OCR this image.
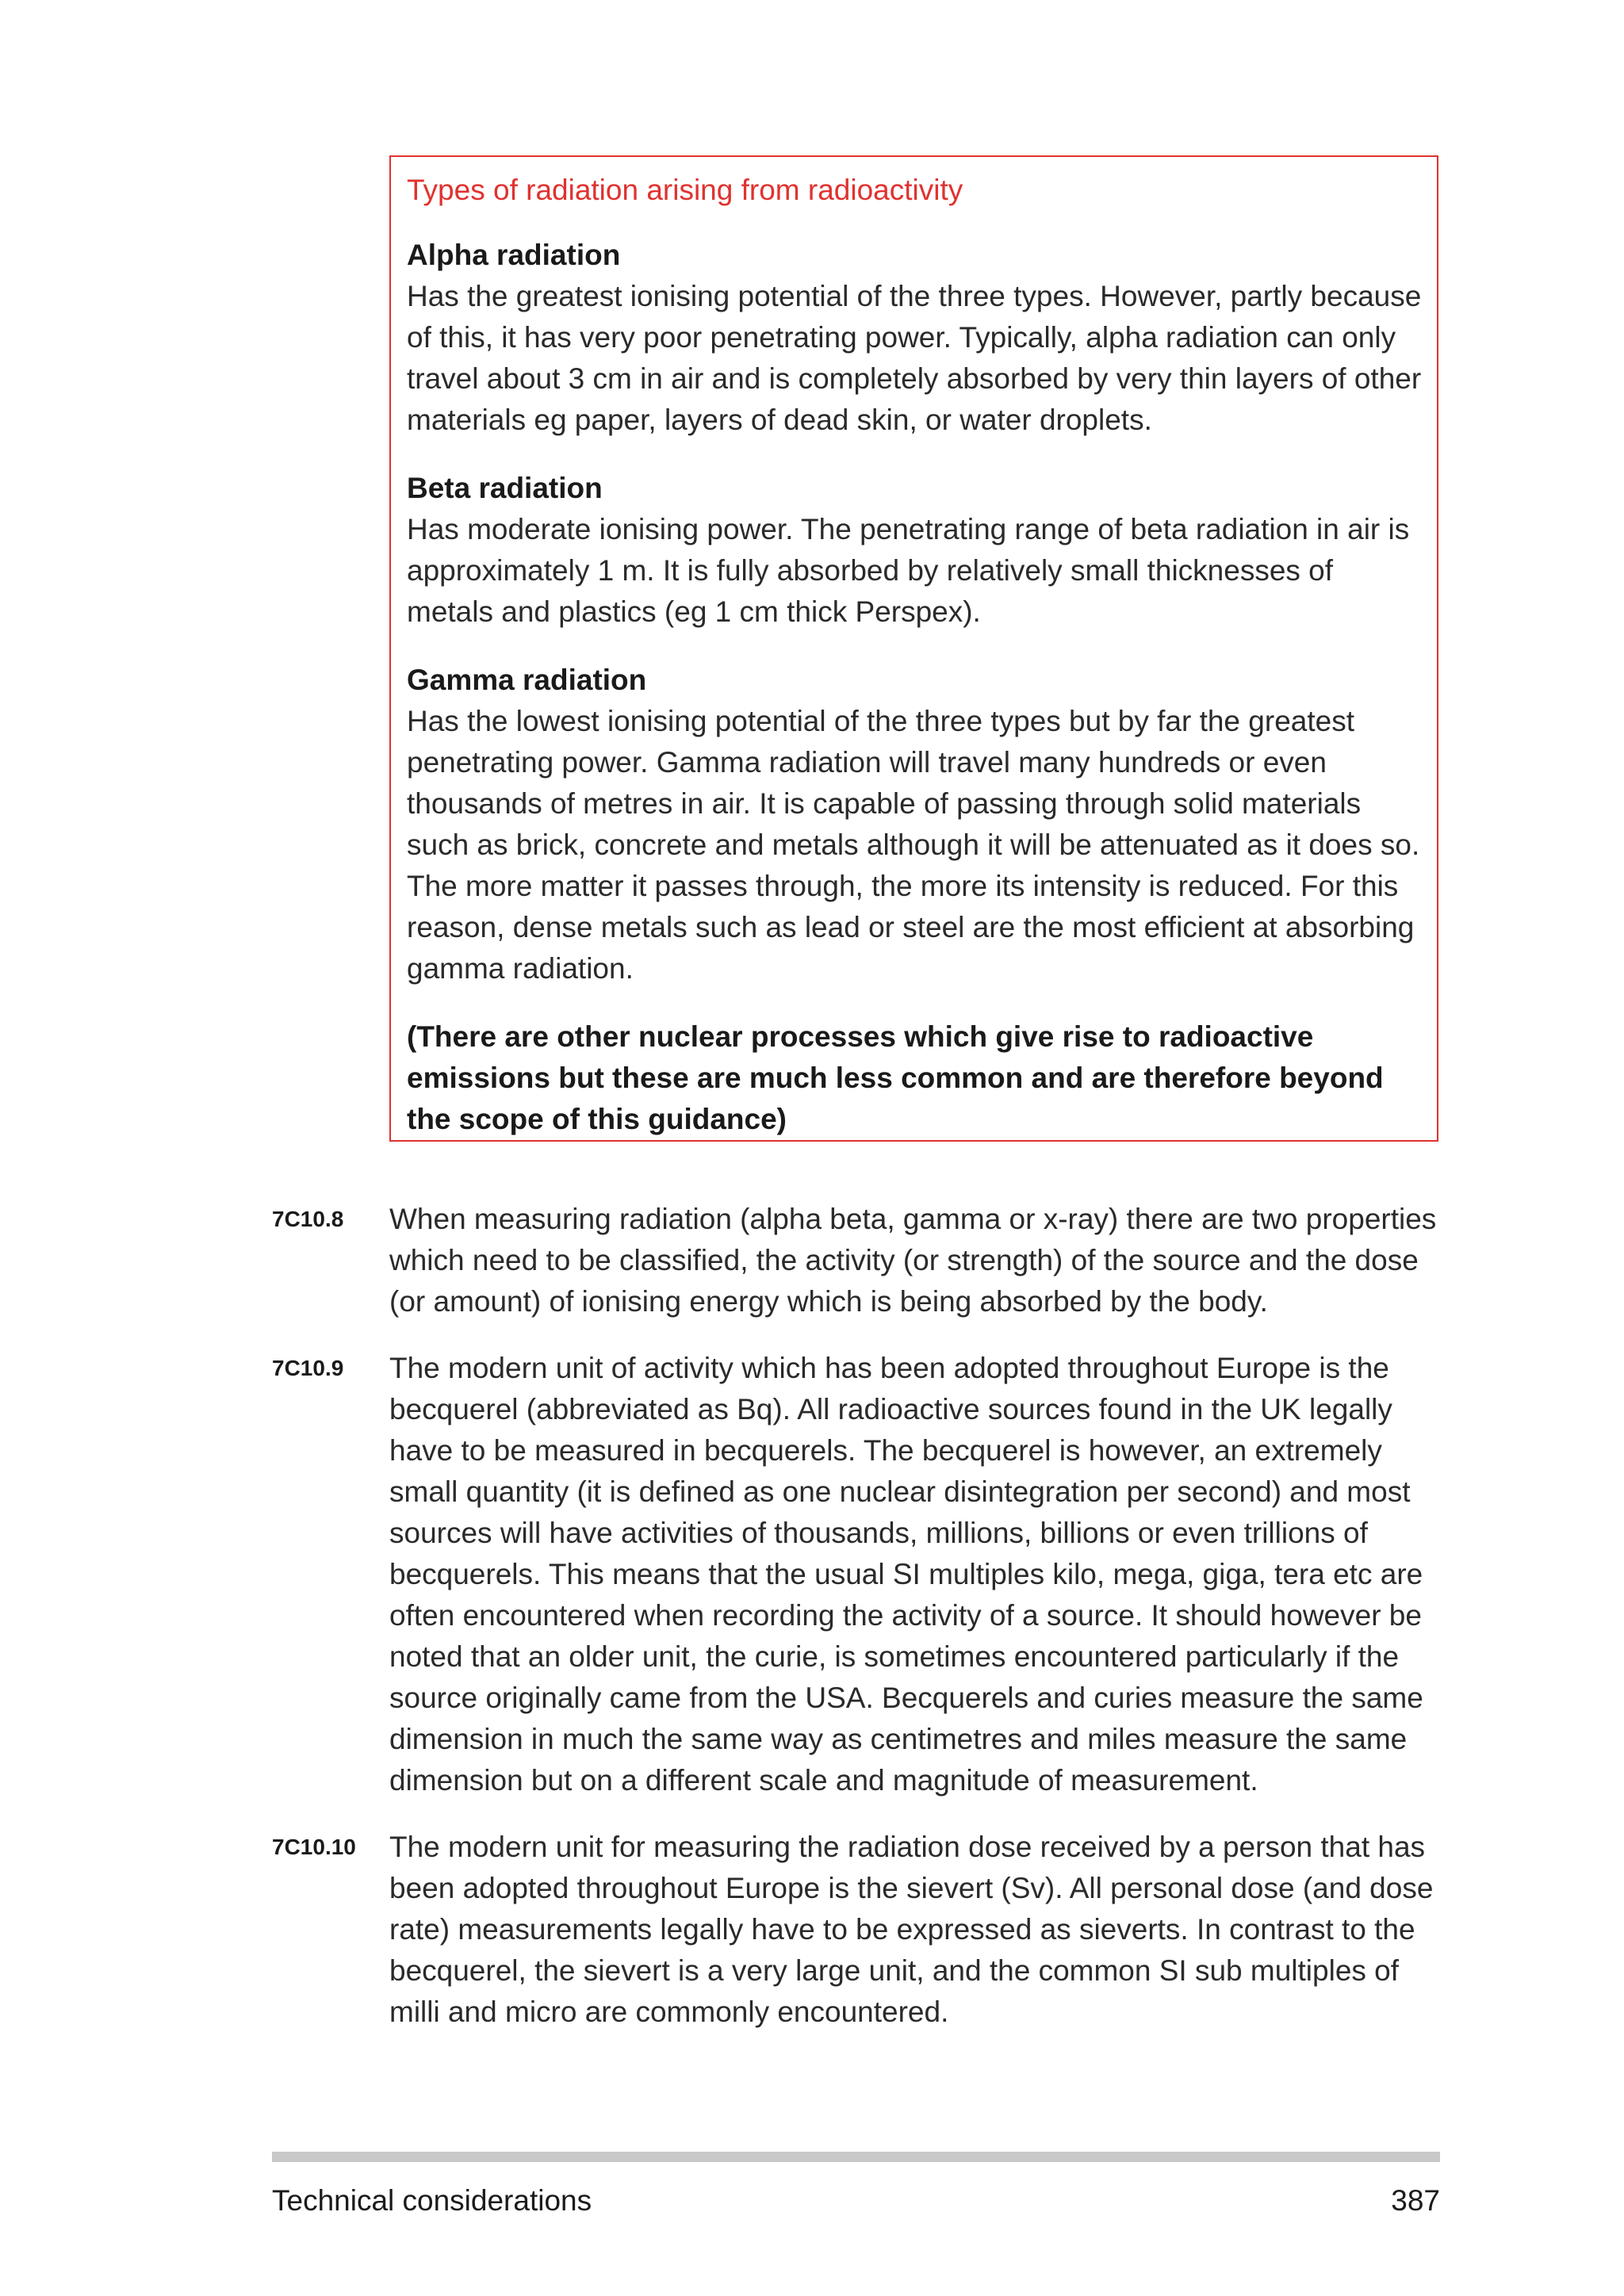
Types of radiation arising from radioactivity
Alpha radiation
Has the greatest ionising potential of the three types. However, partly because of this, it has very poor penetrating power. Typically, alpha radiation can only travel about 3 cm in air and is completely absorbed by very thin layers of other materials eg paper, layers of dead skin, or water droplets.
Beta radiation
Has moderate ionising power. The penetrating range of beta radiation in air is approximately 1 m. It is fully absorbed by relatively small thicknesses of metals and plastics (eg 1 cm thick Perspex).
Gamma radiation
Has the lowest ionising potential of the three types but by far the greatest penetrating power. Gamma radiation will travel many hundreds or even thousands of metres in air. It is capable of passing through solid materials such as brick, concrete and metals although it will be attenuated as it does so. The more matter it passes through, the more its intensity is reduced. For this reason, dense metals such as lead or steel are the most efficient at absorbing gamma radiation.
(There are other nuclear processes which give rise to radioactive emissions but these are much less common and are therefore beyond the scope of this guidance)
7C10.8 When measuring radiation (alpha beta, gamma or x-ray) there are two properties which need to be classified, the activity (or strength) of the source and the dose (or amount) of ionising energy which is being absorbed by the body.
7C10.9 The modern unit of activity which has been adopted throughout Europe is the becquerel (abbreviated as Bq). All radioactive sources found in the UK legally have to be measured in becquerels. The becquerel is however, an extremely small quantity (it is defined as one nuclear disintegration per second) and most sources will have activities of thousands, millions, billions or even trillions of becquerels. This means that the usual SI multiples kilo, mega, giga, tera etc are often encountered when recording the activity of a source. It should however be noted that an older unit, the curie, is sometimes encountered particularly if the source originally came from the USA. Becquerels and curies measure the same dimension in much the same way as centimetres and miles measure the same dimension but on a different scale and magnitude of measurement.
7C10.10 The modern unit for measuring the radiation dose received by a person that has been adopted throughout Europe is the sievert (Sv). All personal dose (and dose rate) measurements legally have to be expressed as sieverts. In contrast to the becquerel, the sievert is a very large unit, and the common SI sub multiples of milli and micro are commonly encountered.
Technical considerations	387
